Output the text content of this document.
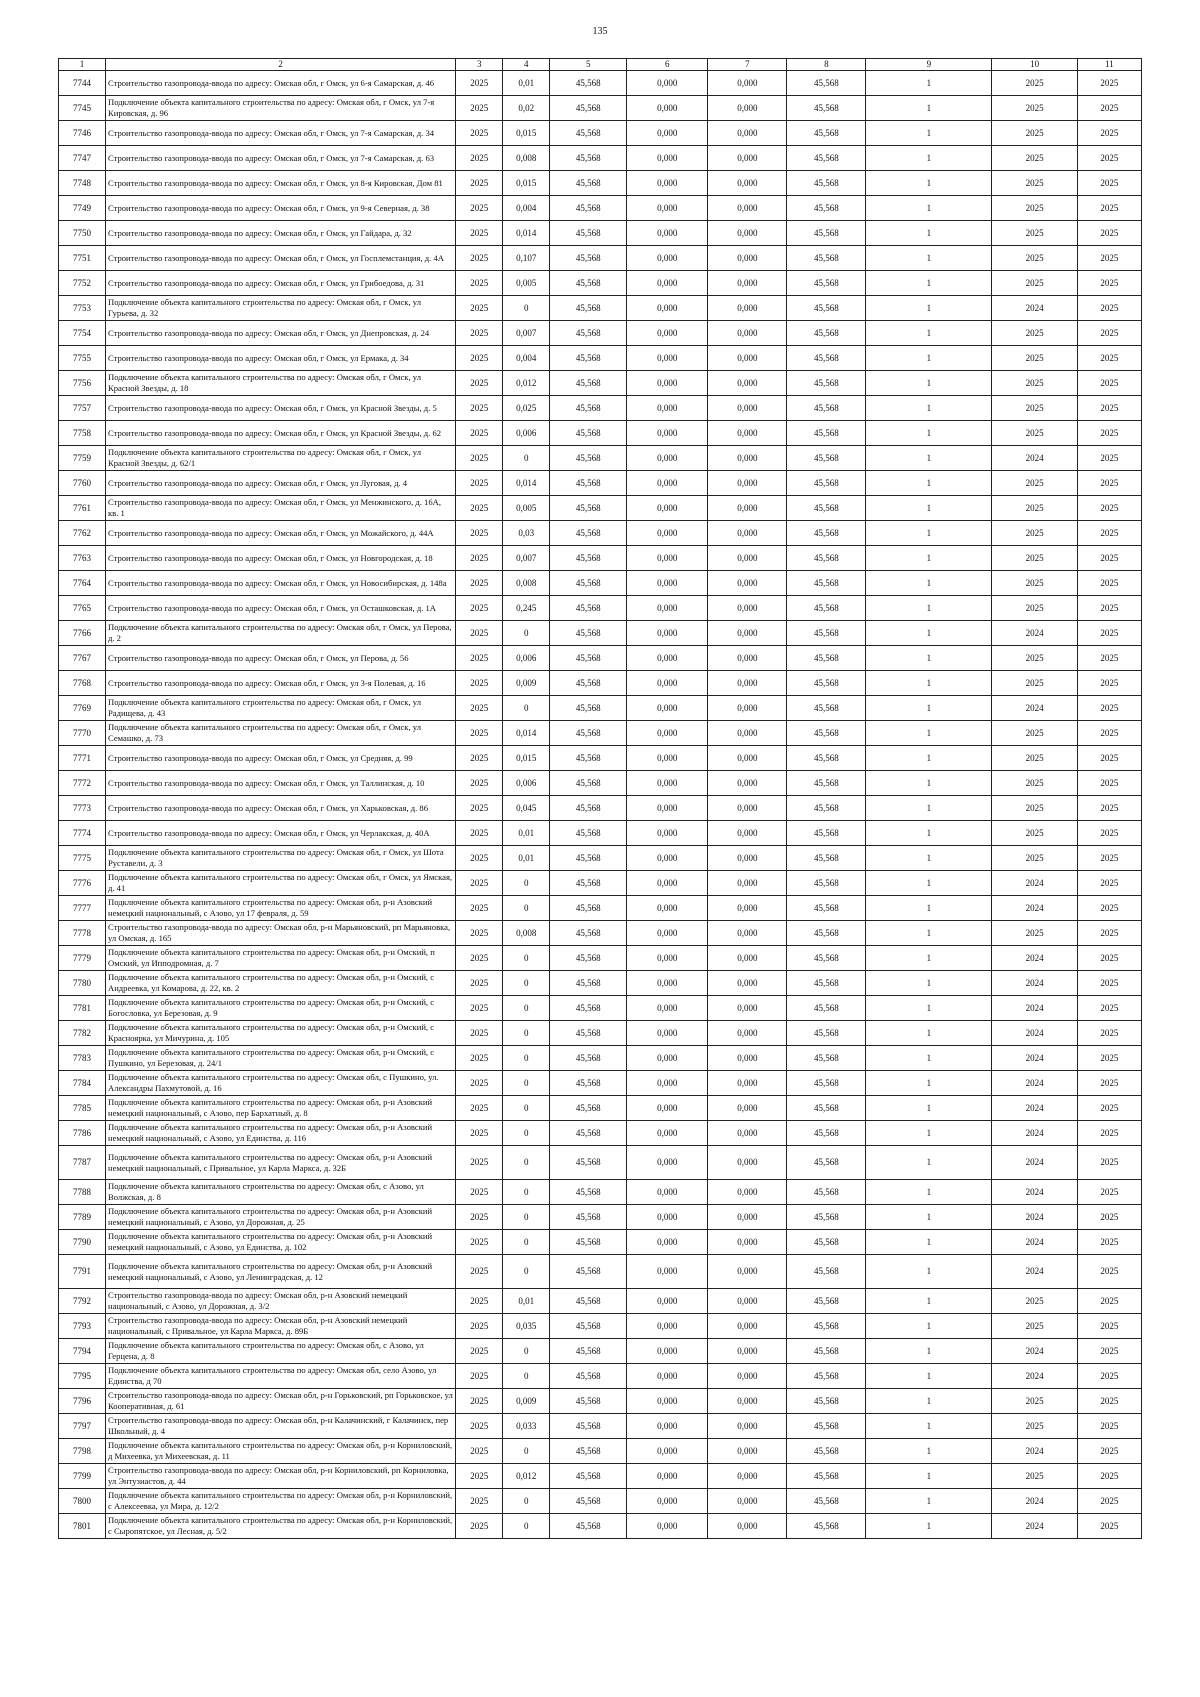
135
1	2	3	4	5	6	7	8	9	10	11
7744	Строительство газопровода-ввода по адресу: Омская обл, г Омск, ул 6-я Самарская, д. 46	2025	0,01	45,568	0,000	0,000	45,568	1	2025	2025
7745	Подключение объекта капитального строительства по адресу: Омская обл, г Омск, ул 7-я Кировская, д. 96	2025	0,02	45,568	0,000	0,000	45,568	1	2025	2025
7746	Строительство газопровода-ввода по адресу: Омская обл, г Омск, ул 7-я Самарская, д. 34	2025	0,015	45,568	0,000	0,000	45,568	1	2025	2025
7747	Строительство газопровода-ввода по адресу: Омская обл, г Омск, ул 7-я Самарская, д. 63	2025	0,008	45,568	0,000	0,000	45,568	1	2025	2025
7748	Строительство газопровода-ввода по адресу: Омская обл, г Омск, ул 8-я Кировская, Дом 81	2025	0,015	45,568	0,000	0,000	45,568	1	2025	2025
7749	Строительство газопровода-ввода по адресу: Омская обл, г Омск, ул 9-я Северная, д. 38	2025	0,004	45,568	0,000	0,000	45,568	1	2025	2025
7750	Строительство газопровода-ввода по адресу: Омская обл, г Омск, ул Гайдара, д. 32	2025	0,014	45,568	0,000	0,000	45,568	1	2025	2025
7751	Строительство газопровода-ввода по адресу: Омская обл, г Омск, ул Госплемстанция, д. 4А	2025	0,107	45,568	0,000	0,000	45,568	1	2025	2025
7752	Строительство газопровода-ввода по адресу: Омская обл, г Омск, ул Грибоедова, д. 31	2025	0,005	45,568	0,000	0,000	45,568	1	2025	2025
7753	Подключение объекта капитального строительства по адресу: Омская обл, г Омск, ул Гурьева, д. 32	2025	0	45,568	0,000	0,000	45,568	1	2024	2025
7754	Строительство газопровода-ввода по адресу: Омская обл, г Омск, ул Днепровская, д. 24	2025	0,007	45,568	0,000	0,000	45,568	1	2025	2025
7755	Строительство газопровода-ввода по адресу: Омская обл, г Омск, ул Ермака, д. 34	2025	0,004	45,568	0,000	0,000	45,568	1	2025	2025
7756	Подключение объекта капитального строительства по адресу: Омская обл, г Омск, ул Красной Звезды, д. 18	2025	0,012	45,568	0,000	0,000	45,568	1	2025	2025
7757	Строительство газопровода-ввода по адресу: Омская обл, г Омск, ул Красной Звезды, д. 5	2025	0,025	45,568	0,000	0,000	45,568	1	2025	2025
7758	Строительство газопровода-ввода по адресу: Омская обл, г Омск, ул Красной Звезды, д. 62	2025	0,006	45,568	0,000	0,000	45,568	1	2025	2025
7759	Подключение объекта капитального строительства по адресу: Омская обл, г Омск, ул Красной Звезды, д. 62/1	2025	0	45,568	0,000	0,000	45,568	1	2024	2025
7760	Строительство газопровода-ввода по адресу: Омская обл, г Омск, ул Луговая, д. 4	2025	0,014	45,568	0,000	0,000	45,568	1	2025	2025
7761	Строительство газопровода-ввода по адресу: Омская обл, г Омск, ул Менжинского, д. 16А, кв. 1	2025	0,005	45,568	0,000	0,000	45,568	1	2025	2025
7762	Строительство газопровода-ввода по адресу: Омская обл, г Омск, ул Можайского, д. 44А	2025	0,03	45,568	0,000	0,000	45,568	1	2025	2025
7763	Строительство газопровода-ввода по адресу: Омская обл, г Омск, ул Новгородская, д. 18	2025	0,007	45,568	0,000	0,000	45,568	1	2025	2025
7764	Строительство газопровода-ввода по адресу: Омская обл, г Омск, ул Новосибирская, д. 148а	2025	0,008	45,568	0,000	0,000	45,568	1	2025	2025
7765	Строительство газопровода-ввода по адресу: Омская обл, г Омск, ул Осташковская, д. 1А	2025	0,245	45,568	0,000	0,000	45,568	1	2025	2025
7766	Подключение объекта капитального строительства по адресу: Омская обл, г Омск, ул Перова, д. 2	2025	0	45,568	0,000	0,000	45,568	1	2024	2025
7767	Строительство газопровода-ввода по адресу: Омская обл, г Омск, ул Перова, д. 56	2025	0,006	45,568	0,000	0,000	45,568	1	2025	2025
7768	Строительство газопровода-ввода по адресу: Омская обл, г Омск, ул 3-я Полевая, д. 16	2025	0,009	45,568	0,000	0,000	45,568	1	2025	2025
7769	Подключение объекта капитального строительства по адресу: Омская обл, г Омск, ул Радищева, д. 43	2025	0	45,568	0,000	0,000	45,568	1	2024	2025
7770	Подключение объекта капитального строительства по адресу: Омская обл, г Омск, ул Семашко, д. 73	2025	0,014	45,568	0,000	0,000	45,568	1	2025	2025
7771	Строительство газопровода-ввода по адресу: Омская обл, г Омск, ул Средняя, д. 99	2025	0,015	45,568	0,000	0,000	45,568	1	2025	2025
7772	Строительство газопровода-ввода по адресу: Омская обл, г Омск, ул Таллинская, д. 10	2025	0,006	45,568	0,000	0,000	45,568	1	2025	2025
7773	Строительство газопровода-ввода по адресу: Омская обл, г Омск, ул Харьковская, д. 86	2025	0,045	45,568	0,000	0,000	45,568	1	2025	2025
7774	Строительство газопровода-ввода по адресу: Омская обл, г Омск, ул Черлакская, д. 40А	2025	0,01	45,568	0,000	0,000	45,568	1	2025	2025
7775	Подключение объекта капитального строительства по адресу: Омская обл, г Омск, ул Шота Руставели, д. 3	2025	0,01	45,568	0,000	0,000	45,568	1	2025	2025
7776	Подключение объекта капитального строительства по адресу: Омская обл, г Омск, ул Ямская, д. 41	2025	0	45,568	0,000	0,000	45,568	1	2024	2025
7777	Подключение объекта капитального строительства по адресу: Омская обл, р-н Азовский немецкий национальный, с Азово, ул 17 февраля, д. 59	2025	0	45,568	0,000	0,000	45,568	1	2024	2025
7778	Строительство газопровода-ввода по адресу: Омская обл, р-н Марьяновский, рп Марьяновка, ул Омская, д. 165	2025	0,008	45,568	0,000	0,000	45,568	1	2025	2025
7779	Подключение объекта капитального строительства по адресу: Омская обл, р-н Омский, п Омский, ул Ипподромная, д. 7	2025	0	45,568	0,000	0,000	45,568	1	2024	2025
7780	Подключение объекта капитального строительства по адресу: Омская обл, р-н Омский, с Андреевка, ул Комарова, д. 22, кв. 2	2025	0	45,568	0,000	0,000	45,568	1	2024	2025
7781	Подключение объекта капитального строительства по адресу: Омская обл, р-н Омский, с Богословка, ул Березовая, д. 9	2025	0	45,568	0,000	0,000	45,568	1	2024	2025
7782	Подключение объекта капитального строительства по адресу: Омская обл, р-н Омский, с Красноярка, ул Мичурина, д. 105	2025	0	45,568	0,000	0,000	45,568	1	2024	2025
7783	Подключение объекта капитального строительства по адресу: Омская обл, р-н Омский, с Пушкино, ул Березовая, д. 24/1	2025	0	45,568	0,000	0,000	45,568	1	2024	2025
7784	Подключение объекта капитального строительства по адресу: Омская обл, с Пушкино, ул. Александры Пахмутовой, д. 16	2025	0	45,568	0,000	0,000	45,568	1	2024	2025
7785	Подключение объекта капитального строительства по адресу: Омская обл, р-н Азовский немецкий национальный, с Азово, пер Бархатный, д. 8	2025	0	45,568	0,000	0,000	45,568	1	2024	2025
7786	Подключение объекта капитального строительства по адресу: Омская обл, р-н Азовский немецкий национальный, с Азово, ул Единства, д. 116	2025	0	45,568	0,000	0,000	45,568	1	2024	2025
7787	Подключение объекта капитального строительства по адресу: Омская обл, р-н Азовский немецкий национальный, с Привальное, ул Карла Маркса, д. 32Б	2025	0	45,568	0,000	0,000	45,568	1	2024	2025
7788	Подключение объекта капитального строительства по адресу: Омская обл, с Азово, ул Волжская, д. 8	2025	0	45,568	0,000	0,000	45,568	1	2024	2025
7789	Подключение объекта капитального строительства по адресу: Омская обл, р-н Азовский немецкий национальный, с Азово, ул Дорожная, д. 25	2025	0	45,568	0,000	0,000	45,568	1	2024	2025
7790	Подключение объекта капитального строительства по адресу: Омская обл, р-н Азовский немецкий национальный, с Азово, ул Единства, д. 102	2025	0	45,568	0,000	0,000	45,568	1	2024	2025
7791	Подключение объекта капитального строительства по адресу: Омская обл, р-н Азовский немецкий национальный, с Азово, ул Ленинградская, д. 12	2025	0	45,568	0,000	0,000	45,568	1	2024	2025
7792	Строительство газопровода-ввода по адресу: Омская обл, р-н Азовский немецкий национальный, с Азово, ул Дорожная, д. 3/2	2025	0,01	45,568	0,000	0,000	45,568	1	2025	2025
7793	Строительство газопровода-ввода по адресу: Омская обл, р-н Азовский немецкий национальный, с Привальное, ул Карла Маркса, д. 89Б	2025	0,035	45,568	0,000	0,000	45,568	1	2025	2025
7794	Подключение объекта капитального строительства по адресу: Омская обл, с Азово, ул Герцена, д. 8	2025	0	45,568	0,000	0,000	45,568	1	2024	2025
7795	Подключение объекта капитального строительства по адресу: Омская обл, село Азово, ул Единства, д 70	2025	0	45,568	0,000	0,000	45,568	1	2024	2025
7796	Строительство газопровода-ввода по адресу: Омская обл, р-н Горьковский, рп Горьковское, ул Кооперативная, д. 61	2025	0,009	45,568	0,000	0,000	45,568	1	2025	2025
7797	Строительство газопровода-ввода по адресу: Омская обл, р-н Калачинский, г Калачинск, пер Школьный, д. 4	2025	0,033	45,568	0,000	0,000	45,568	1	2025	2025
7798	Подключение объекта капитального строительства по адресу: Омская обл, р-н Корниловский, д Михеевка, ул Михеевская, д. 11	2025	0	45,568	0,000	0,000	45,568	1	2024	2025
7799	Строительство газопровода-ввода по адресу: Омская обл, р-н Корниловский, рп Корниловка, ул Энтузиастов, д. 44	2025	0,012	45,568	0,000	0,000	45,568	1	2025	2025
7800	Подключение объекта капитального строительства по адресу: Омская обл, р-н Корниловский, с Алексеевка, ул Мира, д. 12/2	2025	0	45,568	0,000	0,000	45,568	1	2024	2025
7801	Подключение объекта капитального строительства по адресу: Омская обл, р-н Корниловский, с Сыропятское, ул Лесная, д. 5/2	2025	0	45,568	0,000	0,000	45,568	1	2024	2025
